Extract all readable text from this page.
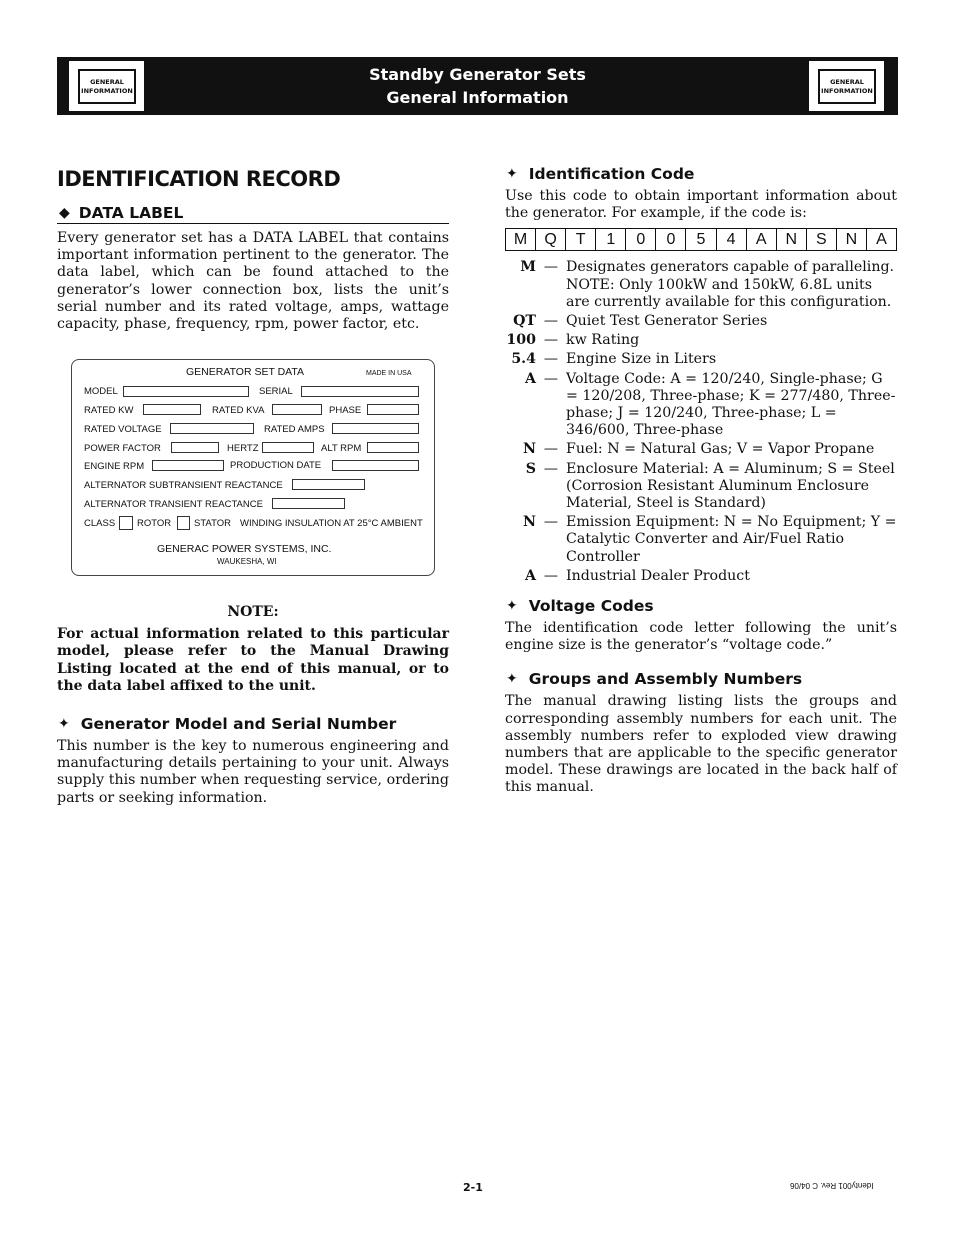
GENERAL
INFORMATION
Standby Generator Sets
General Information
GENERAL
INFORMATION
IDENTIFICATION RECORD
◆ DATA LABEL

Every generator set has a DATA LABEL that contains important information pertinent to the generator. The data label, which can be found attached to the generator’s lower connection box, lists the unit’s serial number and its rated voltage, amps, wattage capacity, phase, frequency, rpm, power factor, etc.

GENERATOR SET DATA	MADE IN USA
MODEL	SERIAL
RATED KW	RATED KVA	PHASE
RATED VOLTAGE	RATED AMPS
POWER FACTOR	HERTZ	ALT RPM
ENGINE RPM	PRODUCTION DATE
ALTERNATOR SUBTRANSIENT REACTANCE
ALTERNATOR TRANSIENT REACTANCE
CLASS ROTOR STATOR WINDING INSULATION AT 25°C AMBIENT
GENERAC POWER SYSTEMS, INC.
WAUKESHA, WI
NOTE:

For actual information related to this particular model, please refer to the Manual Drawing Listing located at the end of this manual, or to the data label affixed to the unit.

✦ Generator Model and Serial Number

This number is the key to numerous engineering and manufacturing details pertaining to your unit. Always supply this number when requesting service, ordering parts or seeking information.

✦ Identification Code

Use this code to obtain important information about the generator. For example, if the code is:

M	Q	T	1	0	0	5	4	A	N	S	N	A
M — Designates generators capable of paralleling. NOTE: Only 100kW and 150kW, 6.8L units are currently available for this configuration.
QT — Quiet Test Generator Series
100 — kw Rating
5.4 — Engine Size in Liters
A — Voltage Code: A = 120/240, Single-phase; G = 120/208, Three-phase; K = 277/480, Three-phase; J = 120/240, Three-phase; L = 346/600, Three-phase
N — Fuel: N = Natural Gas; V = Vapor Propane
S — Enclosure Material: A = Aluminum; S = Steel (Corrosion Resistant Aluminum Enclosure Material, Steel is Standard)
N — Emission Equipment: N = No Equipment; Y = Catalytic Converter and Air/Fuel Ratio Controller
A — Industrial Dealer Product
✦ Voltage Codes

The identification code letter following the unit’s engine size is the generator’s “voltage code.”

✦ Groups and Assembly Numbers

The manual drawing listing lists the groups and corresponding assembly numbers for each unit. The assembly numbers refer to exploded view drawing numbers that are applicable to the specific generator model. These drawings are located in the back half of this manual.

2-1	Identy001 Rev. C 04/06
